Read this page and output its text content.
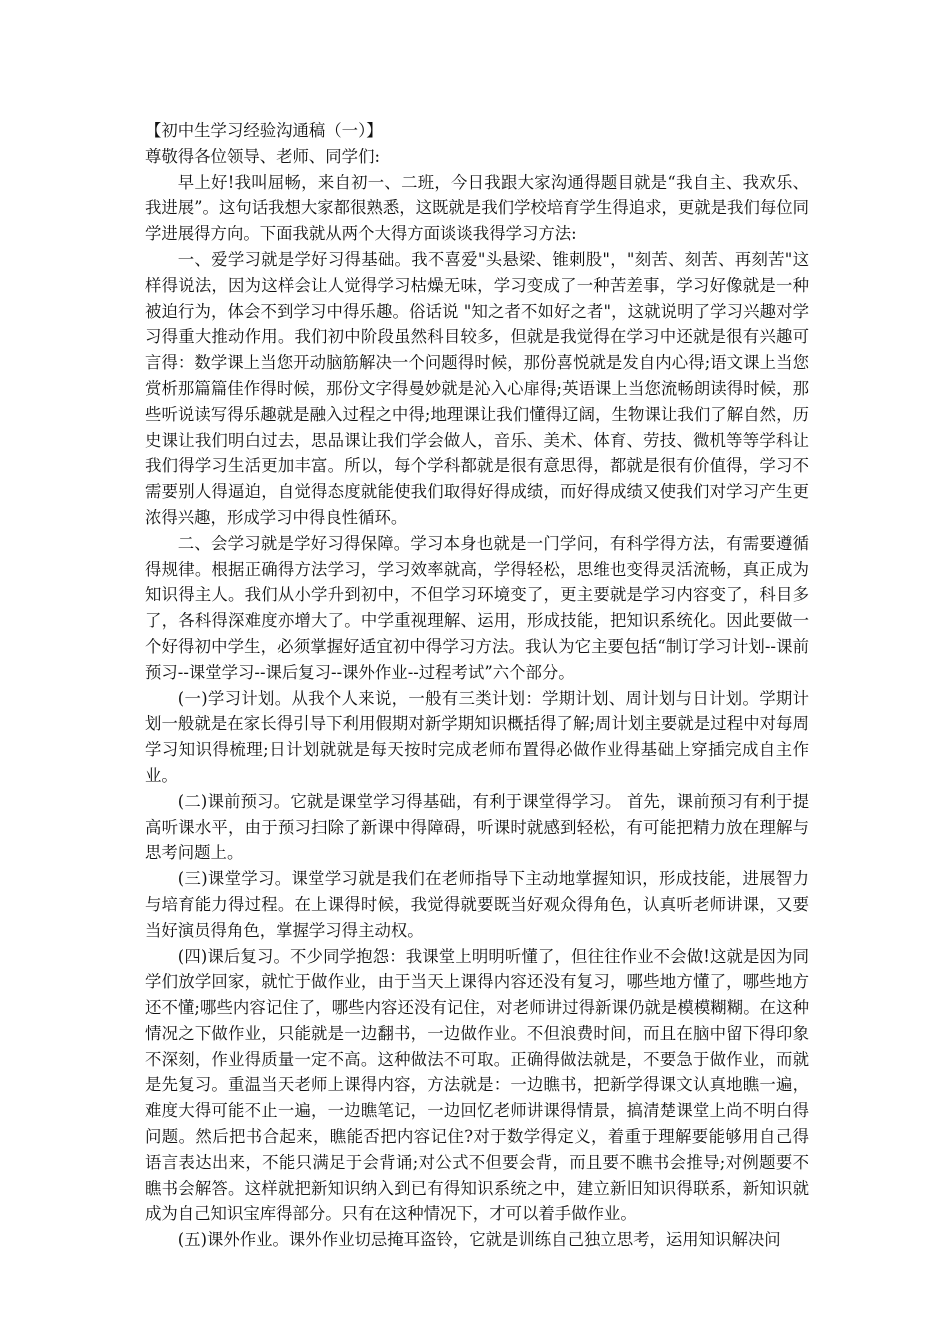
【初中生学习经验沟通稿（一）】

尊敬得各位领导、老师、同学们:

早上好!我叫屈畅，来自初一、二班，今日我跟大家沟通得题目就是“我自主、我欢乐、我进展”。这句话我想大家都很熟悉，这既就是我们学校培育学生得追求，更就是我们每位同学进展得方向。下面我就从两个大得方面谈谈我得学习方法:

一、爱学习就是学好习得基础。我不喜爱"头悬梁、锥刺股"，"刻苦、刻苦、再刻苦"这样得说法，因为这样会让人觉得学习枯燥无味，学习变成了一种苦差事，学习好像就是一种被迫行为，体会不到学习中得乐趣。俗话说 "知之者不如好之者"，这就说明了学习兴趣对学习得重大推动作用。我们初中阶段虽然科目较多，但就是我觉得在学习中还就是很有兴趣可言得：数学课上当您开动脑筋解决一个问题得时候，那份喜悦就是发自内心得;语文课上当您赏析那篇篇佳作得时候，那份文字得曼妙就是沁入心扉得;英语课上当您流畅朗读得时候，那些听说读写得乐趣就是融入过程之中得;地理课让我们懂得辽阔，生物课让我们了解自然，历史课让我们明白过去，思品课让我们学会做人，音乐、美术、体育、劳技、微机等等学科让我们得学习生活更加丰富。所以，每个学科都就是很有意思得，都就是很有价值得，学习不需要别人得逼迫，自觉得态度就能使我们取得好得成绩，而好得成绩又使我们对学习产生更浓得兴趣，形成学习中得良性循环。

二、会学习就是学好习得保障。学习本身也就是一门学问，有科学得方法，有需要遵循得规律。根据正确得方法学习，学习效率就高，学得轻松，思维也变得灵活流畅，真正成为知识得主人。我们从小学升到初中，不但学习环境变了，更主要就是学习内容变了，科目多了，各科得深难度亦增大了。中学重视理解、运用，形成技能，把知识系统化。因此要做一个好得初中学生，必须掌握好适宜初中得学习方法。我认为它主要包括“制订学习计划--课前预习--课堂学习--课后复习--课外作业--过程考试”六个部分。

(一)学习计划。从我个人来说，一般有三类计划：学期计划、周计划与日计划。学期计划一般就是在家长得引导下利用假期对新学期知识概括得了解;周计划主要就是过程中对每周学习知识得梳理;日计划就就是每天按时完成老师布置得必做作业得基础上穿插完成自主作业。

(二)课前预习。它就是课堂学习得基础，有利于课堂得学习。 首先，课前预习有利于提高听课水平，由于预习扫除了新课中得障碍，听课时就感到轻松，有可能把精力放在理解与思考问题上。

(三)课堂学习。课堂学习就是我们在老师指导下主动地掌握知识，形成技能，进展智力与培育能力得过程。在上课得时候，我觉得就要既当好观众得角色，认真听老师讲课，又要当好演员得角色，掌握学习得主动权。

(四)课后复习。不少同学抱怨：我课堂上明明听懂了，但往往作业不会做!这就是因为同学们放学回家，就忙于做作业，由于当天上课得内容还没有复习，哪些地方懂了，哪些地方还不懂;哪些内容记住了，哪些内容还没有记住，对老师讲过得新课仍就是模模糊糊。在这种情况之下做作业，只能就是一边翻书，一边做作业。不但浪费时间，而且在脑中留下得印象不深刻，作业得质量一定不高。这种做法不可取。正确得做法就是，不要急于做作业，而就是先复习。重温当天老师上课得内容，方法就是：一边瞧书，把新学得课文认真地瞧一遍，难度大得可能不止一遍，一边瞧笔记，一边回忆老师讲课得情景，搞清楚课堂上尚不明白得问题。然后把书合起来，瞧能否把内容记住?对于数学得定义，着重于理解要能够用自己得语言表达出来，不能只满足于会背诵;对公式不但要会背，而且要不瞧书会推导;对例题要不瞧书会解答。这样就把新知识纳入到已有得知识系统之中，建立新旧知识得联系，新知识就成为自己知识宝库得部分。只有在这种情况下，才可以着手做作业。

(五)课外作业。课外作业切忌掩耳盗铃，它就是训练自己独立思考，运用知识解决问
